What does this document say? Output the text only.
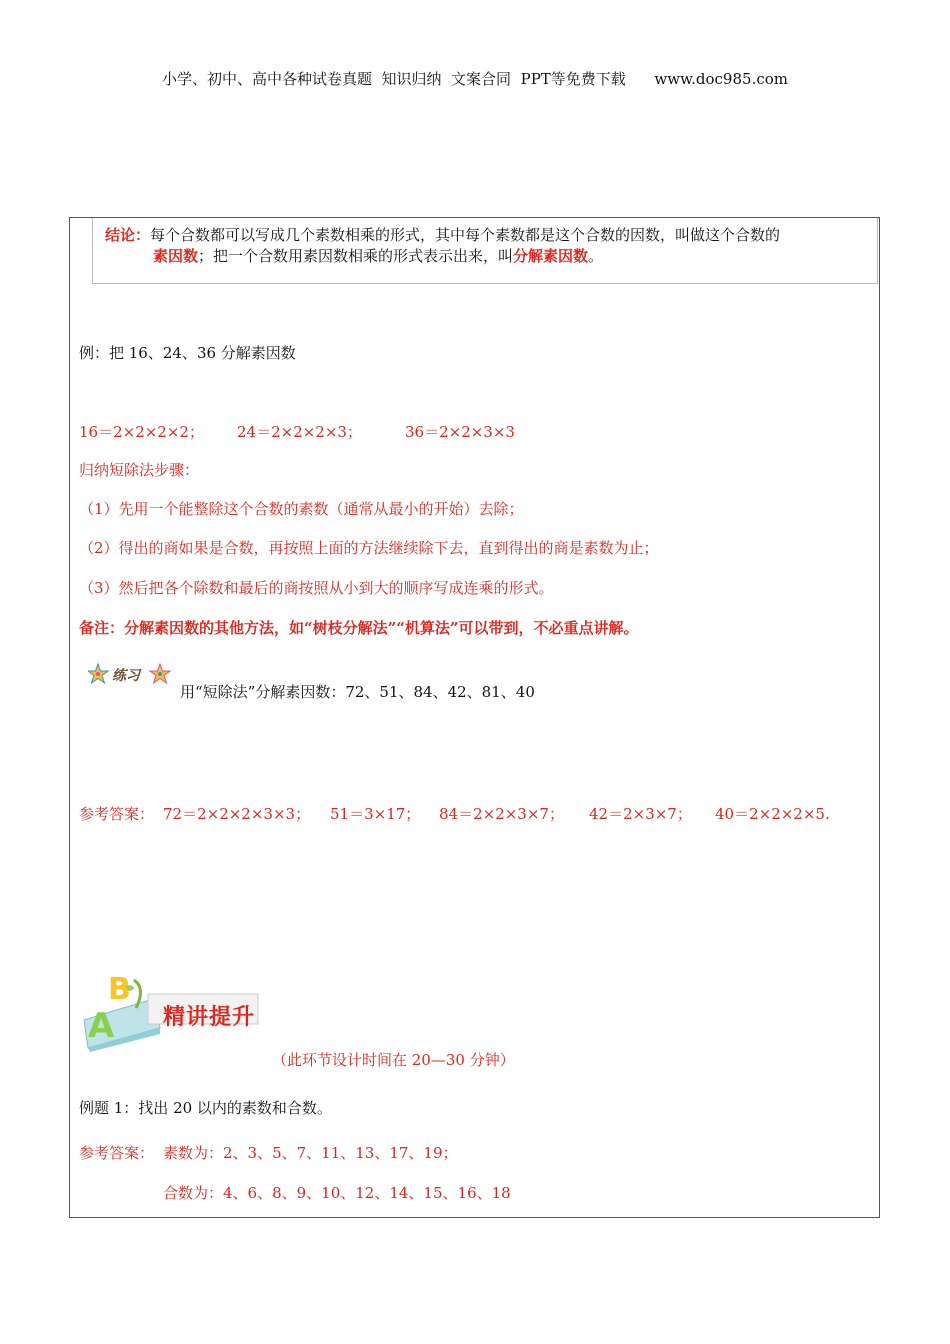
小学、初中、高中各种试卷真题  知识归纳  文案合同  PPT等免费下载      www.doc985.com
结论：每个合数都可以写成几个素数相乘的形式，其中每个素数都是这个合数的因数，叫做这个合数的
素因数；把一个合数用素因数相乘的形式表示出来，叫分解素因数。
例：把 16、24、36 分解素因数
16＝2×2×2×2； 24＝2×2×2×3；	36＝2×2×3×3
归纳短除法步骤：
（1）先用一个能整除这个合数的素数（通常从最小的开始）去除；
（2）得出的商如果是合数，再按照上面的方法继续除下去，直到得出的商是素数为止；
（3）然后把各个除数和最后的商按照从小到大的顺序写成连乘的形式。
备注：分解素因数的其他方法，如“树枝分解法”“机算法”可以带到，不必重点讲解。
练习
用“短除法”分解素因数：72、51、84、42、81、40
参考答案： 72＝2×2×2×3×3； 51＝3×17； 84＝2×2×3×7； 42＝2×3×7； 40＝2×2×2×5.
B
A 精讲提升
（此环节设计时间在 20—30 分钟）
例题 1：找出 20 以内的素数和合数。
参考答案： 素数为：2、3、5、7、11、13、17、19；
合数为：4、6、8、9、10、12、14、15、16、18
